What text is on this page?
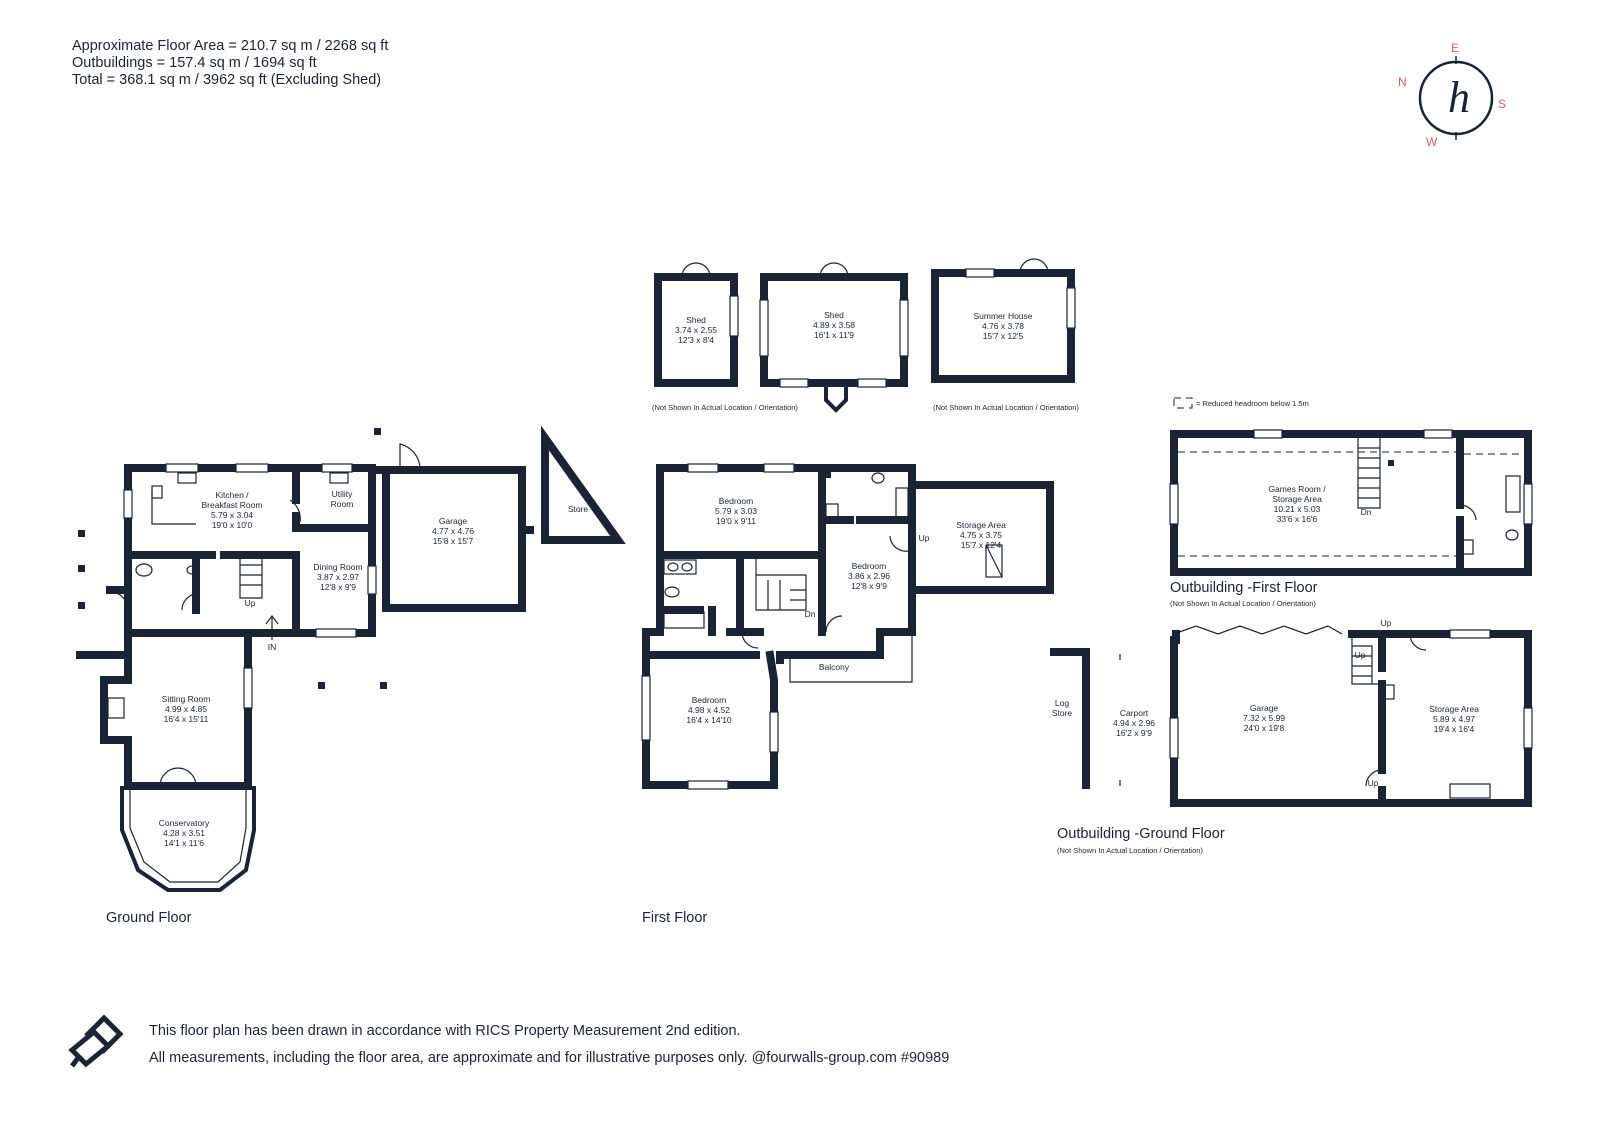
Approximate Floor Area = 210.7 sq m / 2268 sq ft
Outbuildings = 157.4 sq m / 1694 sq ft
Total = 368.1 sq m / 3962 sq ft (Excluding Shed)	h
E
N
S
W
Kitchen /
Breakfast Room
5.79 x 3.04
19'0 x 10'0
Utility
Room
Garage
4.77 x 4.76
15'8 x 15'7
Store
Dining Room
3.87 x 2.97
12'8 x 9'9
Sitting Room
4.99 x 4.85
16'4 x 15'11
Conservatory
4.28 x 3.51
14'1 x 11'6
Up
IN
Ground Floor
Shed
3.74 x 2.55
12'3 x 8'4
Shed
4.89 x 3.58
16'1 x 11'9
Summer House
4.76 x 3.78
15'7 x 12'5
(Not Shown In Actual Location / Orientation)	(Not Shown In Actual Location / Orientation)
Bedroom
5.79 x 3.03
19'0 x 9'11
Bedroom
3.86 x 2.96
12'8 x 9'9
Bedroom
4.98 x 4.52
16'4 x 14'10
Storage Area
4.75 x 3.75
15'7 x 12'4
Balcony
Up
Dn
First Floor
Games Room /
Storage Area
10.21 x 5.03
33'6 x 16'6
Dn
= Reduced headroom below 1.5m
Outbuilding -First Floor
(Not Shown In Actual Location / Orientation)
Log
Store	Carport
4.94 x 2.96
16'2 x 9'9
Garage
7.32 x 5.99
24'0 x 19'8
Storage Area
5.89 x 4.97
19'4 x 16'4
Up
Up
Up
Outbuilding -Ground Floor
(Not Shown In Actual Location / Orientation)
This floor plan has been drawn in accordance with RICS Property Measurement 2nd edition.
All measurements, including the floor area, are approximate and for illustrative purposes only. @fourwalls-group.com #90989
